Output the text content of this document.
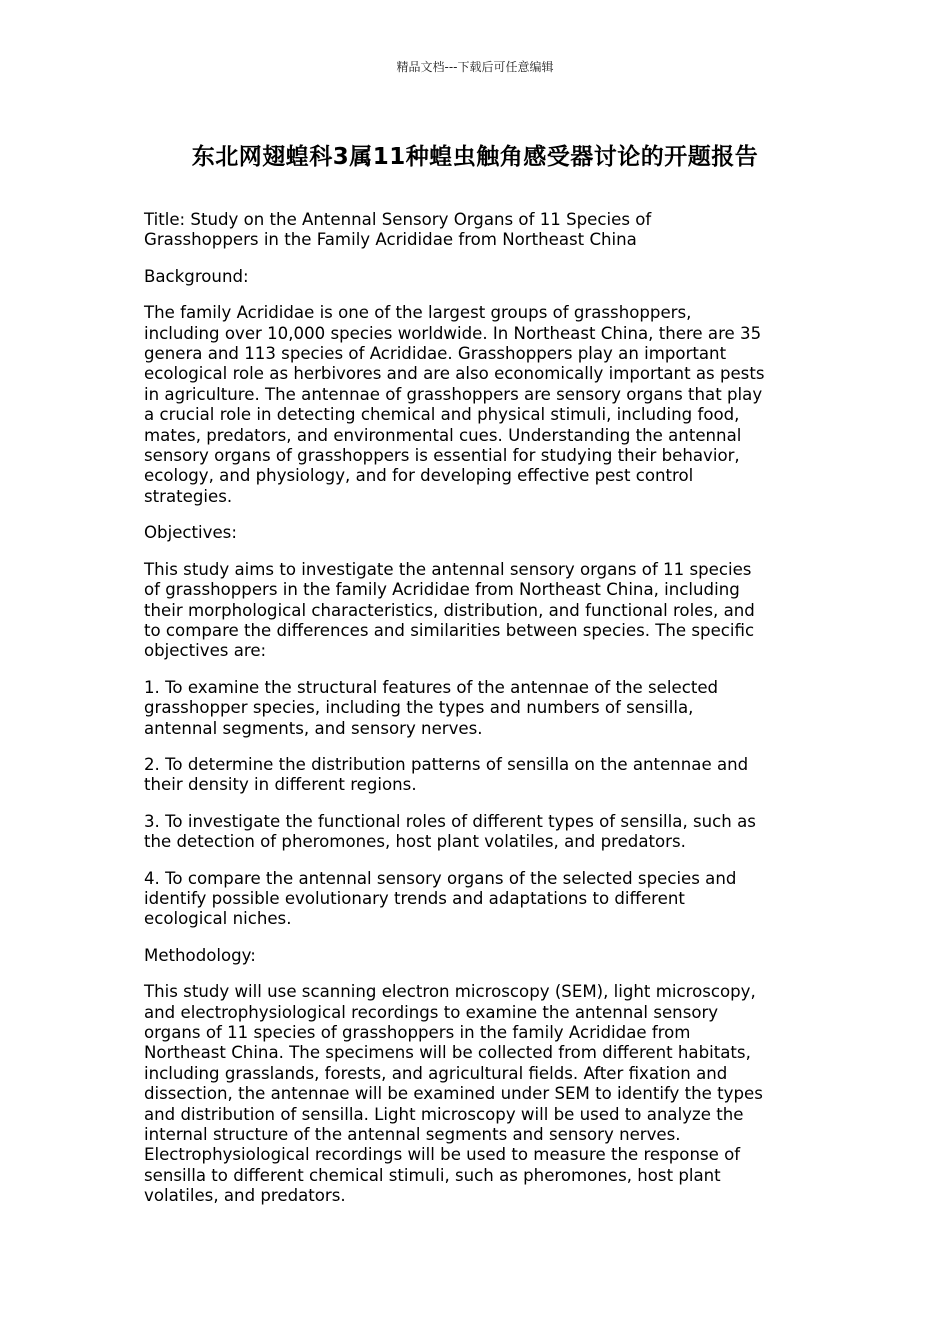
精品文档---下载后可任意编辑
东北网翅蝗科3属11种蝗虫触角感受器讨论的开题报告

Title: Study on the Antennal Sensory Organs of 11 Species of
Grasshoppers in the Family Acrididae from Northeast China

Background:

The family Acrididae is one of the largest groups of grasshoppers,
including over 10,000 species worldwide. In Northeast China, there are 35
genera and 113 species of Acrididae. Grasshoppers play an important
ecological role as herbivores and are also economically important as pests
in agriculture. The antennae of grasshoppers are sensory organs that play
a crucial role in detecting chemical and physical stimuli, including food,
mates, predators, and environmental cues. Understanding the antennal
sensory organs of grasshoppers is essential for studying their behavior,
ecology, and physiology, and for developing effective pest control
strategies.

Objectives:

This study aims to investigate the antennal sensory organs of 11 species
of grasshoppers in the family Acrididae from Northeast China, including
their morphological characteristics, distribution, and functional roles, and
to compare the differences and similarities between species. The specific
objectives are:

1. To examine the structural features of the antennae of the selected
grasshopper species, including the types and numbers of sensilla,
antennal segments, and sensory nerves.

2. To determine the distribution patterns of sensilla on the antennae and
their density in different regions.

3. To investigate the functional roles of different types of sensilla, such as
the detection of pheromones, host plant volatiles, and predators.

4. To compare the antennal sensory organs of the selected species and
identify possible evolutionary trends and adaptations to different
ecological niches.

Methodology:

This study will use scanning electron microscopy (SEM), light microscopy,
and electrophysiological recordings to examine the antennal sensory
organs of 11 species of grasshoppers in the family Acrididae from
Northeast China. The specimens will be collected from different habitats,
including grasslands, forests, and agricultural fields. After fixation and
dissection, the antennae will be examined under SEM to identify the types
and distribution of sensilla. Light microscopy will be used to analyze the
internal structure of the antennal segments and sensory nerves.
Electrophysiological recordings will be used to measure the response of
sensilla to different chemical stimuli, such as pheromones, host plant
volatiles, and predators.
